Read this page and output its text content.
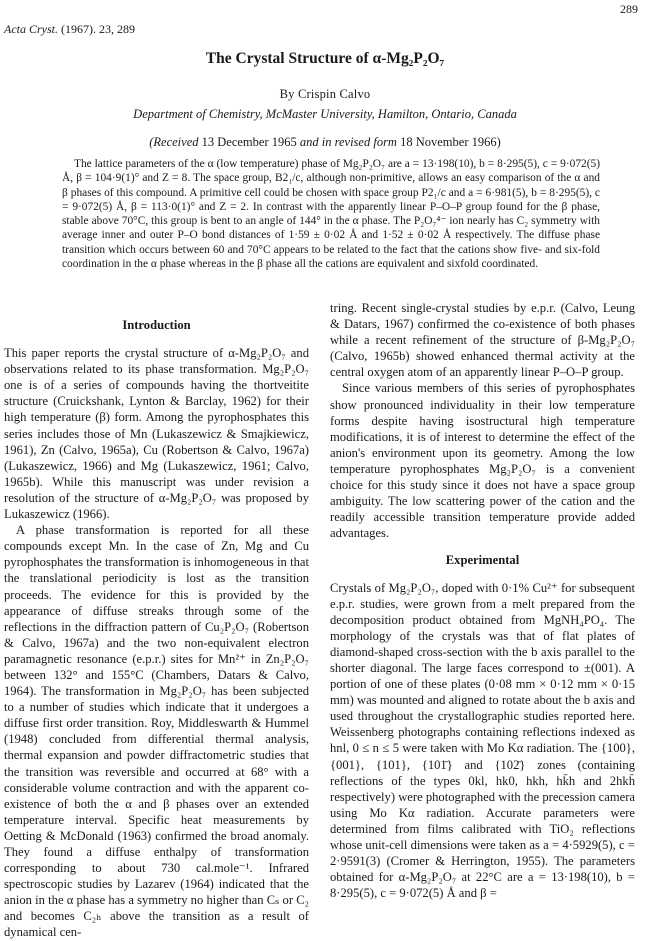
289
Acta Cryst. (1967). 23, 289
The Crystal Structure of α-Mg₂P₂O₇
By Crispin Calvo
Department of Chemistry, McMaster University, Hamilton, Ontario, Canada
(Received 13 December 1965 and in revised form 18 November 1966)

The lattice parameters of the α (low temperature) phase of Mg₂P₂O₇ are a = 13·198(10), b = 8·295(5), c = 9·072(5) Å, β = 104·9(1)° and Z = 8. The space group, B2₁/c, although non-primitive, allows an easy comparison of the α and β phases of this compound. A primitive cell could be chosen with space group P2₁/c and a = 6·981(5), b = 8·295(5), c = 9·072(5) Å, β = 113·0(1)° and Z = 2. In contrast with the apparently linear P–O–P group found for the β phase, stable above 70°C, this group is bent to an angle of 144° in the α phase. The P₂O₇⁴⁻ ion nearly has C₂ symmetry with average inner and outer P–O bond distances of 1·59 ± 0·02 Å and 1·52 ± 0·02 Å respectively. The diffuse phase transition which occurs between 60 and 70°C appears to be related to the fact that the cations show five- and six-fold coordination in the α phase whereas in the β phase all the cations are equivalent and sixfold coordinated.

Introduction

This paper reports the crystal structure of α-Mg₂P₂O₇ and observations related to its phase transformation. Mg₂P₂O₇ one is of a series of compounds having the thortveitite structure (Cruickshank, Lynton & Barclay, 1962) for their high temperature (β) form. Among the pyrophosphates this series includes those of Mn (Lukaszewicz & Smajkiewicz, 1961), Zn (Calvo, 1965a), Cu (Robertson & Calvo, 1967a) (Lukaszewicz, 1966) and Mg (Lukaszewicz, 1961; Calvo, 1965b). While this manuscript was under revision a resolution of the structure of α-Mg₂P₂O₇ was proposed by Lukaszewicz (1966).

A phase transformation is reported for all these compounds except Mn. In the case of Zn, Mg and Cu pyrophosphates the transformation is inhomogeneous in that the translational periodicity is lost as the transition proceeds. The evidence for this is provided by the appearance of diffuse streaks through some of the reflections in the diffraction pattern of Cu₂P₂O₇ (Robertson & Calvo, 1967a) and the two non-equivalent electron paramagnetic resonance (e.p.r.) sites for Mn²⁺ in Zn₂P₂O₇ between 132° and 155°C (Chambers, Datars & Calvo, 1964). The transformation in Mg₂P₂O₇ has been subjected to a number of studies which indicate that it undergoes a diffuse first order transition. Roy, Middleswarth & Hummel (1948) concluded from differential thermal analysis, thermal expansion and powder diffractometric studies that the transition was reversible and occurred at 68° with a considerable volume contraction and with the apparent co-existence of both the α and β phases over an extended temperature interval. Specific heat measurements by Oetting & McDonald (1963) confirmed the broad anomaly. They found a diffuse enthalpy of transformation corresponding to about 730 cal.mole⁻¹. Infrared spectroscopic studies by Lazarev (1964) indicated that the anion in the α phase has a symmetry no higher than Cₛ or C₂ and becomes C₂ₕ above the transition as a result of dynamical cen-

tring. Recent single-crystal studies by e.p.r. (Calvo, Leung & Datars, 1967) confirmed the co-existence of both phases while a recent refinement of the structure of β-Mg₂P₂O₇ (Calvo, 1965b) showed enhanced thermal activity at the central oxygen atom of an apparently linear P–O–P group.

Since various members of this series of pyrophosphates show pronounced individuality in their low temperature forms despite having isostructural high temperature modifications, it is of interest to determine the effect of the anion's environment upon its geometry. Among the low temperature pyrophosphates Mg₂P₂O₇ is a convenient choice for this study since it does not have a space group ambiguity. The low scattering power of the cation and the readily accessible transition temperature provide added advantages.

Experimental

Crystals of Mg₂P₂O₇, doped with 0·1% Cu²⁺ for subsequent e.p.r. studies, were grown from a melt prepared from the decomposition product obtained from MgNH₄PO₄. The morphology of the crystals was that of flat plates of diamond-shaped cross-section with the b axis parallel to the shorter diagonal. The large faces correspond to ±(001). A portion of one of these plates (0·08 mm × 0·12 mm × 0·15 mm) was mounted and aligned to rotate about the b axis and used throughout the crystallographic studies reported here. Weissenberg photographs containing reflections indexed as hnl, 0 ≤ n ≤ 5 were taken with Mo Kα radiation. The {100}, {001}, {101}, {101̄} and {102̄} zones (containing reflections of the types 0kl, hk0, hkh, hk̄h and 2hkh̄ respectively) were photographed with the precession camera using Mo Kα radiation. Accurate parameters were determined from films calibrated with TiO₂ reflections whose unit-cell dimensions were taken as a = 4·5929(5), c = 2·9591(3) (Cromer & Herrington, 1955). The parameters obtained for α-Mg₂P₂O₇ at 22°C are a = 13·198(10), b = 8·295(5), c = 9·072(5) Å and β =
